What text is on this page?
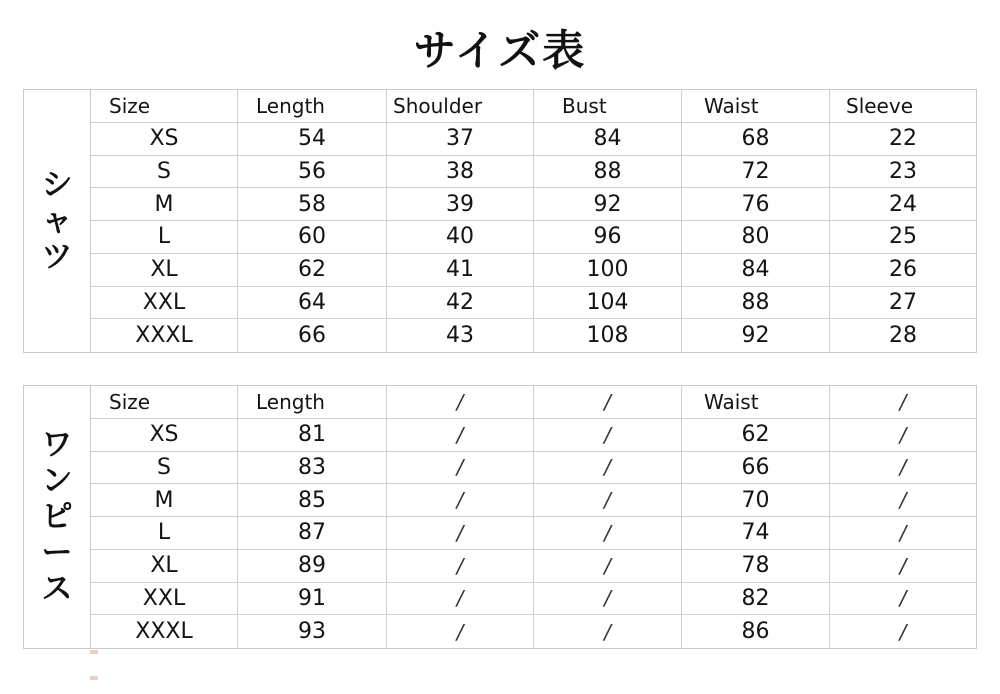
サイズ表
シ
ャ
ツ
Size	Length	Shoulder	Bust	Waist	Sleeve
XS	54	37	84	68	22
S	56	38	88	72	23
M	58	39	92	76	24
L	60	40	96	80	25
XL	62	41	100	84	26
XXL	64	42	104	88	27
XXXL	66	43	108	92	28
ワ
ン
ピ
ー
ス
Size	Length	/	/	Waist	/
XS	81	/	/	62	/
S	83	/	/	66	/
M	85	/	/	70	/
L	87	/	/	74	/
XL	89	/	/	78	/
XXL	91	/	/	82	/
XXXL	93	/	/	86	/
